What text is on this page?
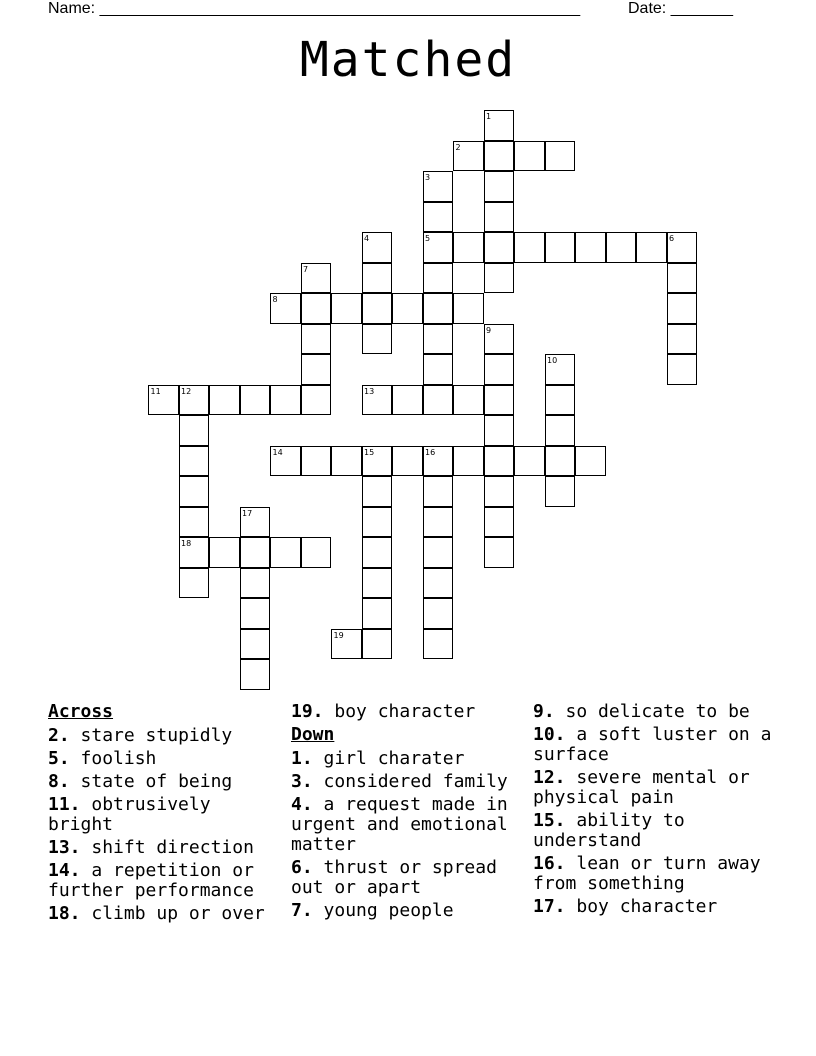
Name: ______________________________________________________	Date: _______
Matched
1
2
3
4	5	6
7
8
9
10
11	12	13
14	15	16
17
18
19
Across
2. stare stupidly
5. foolish
8. state of being
11. obtrusively bright
13. shift direction
14. a repetition or further performance
18. climb up or over
19. boy character
Down
1. girl charater
3. considered family
4. a request made in urgent and emotional matter
6. thrust or spread out or apart
7. young people
9. so delicate to be
10. a soft luster on a surface
12. severe mental or physical pain
15. ability to understand
16. lean or turn away from something
17. boy character
